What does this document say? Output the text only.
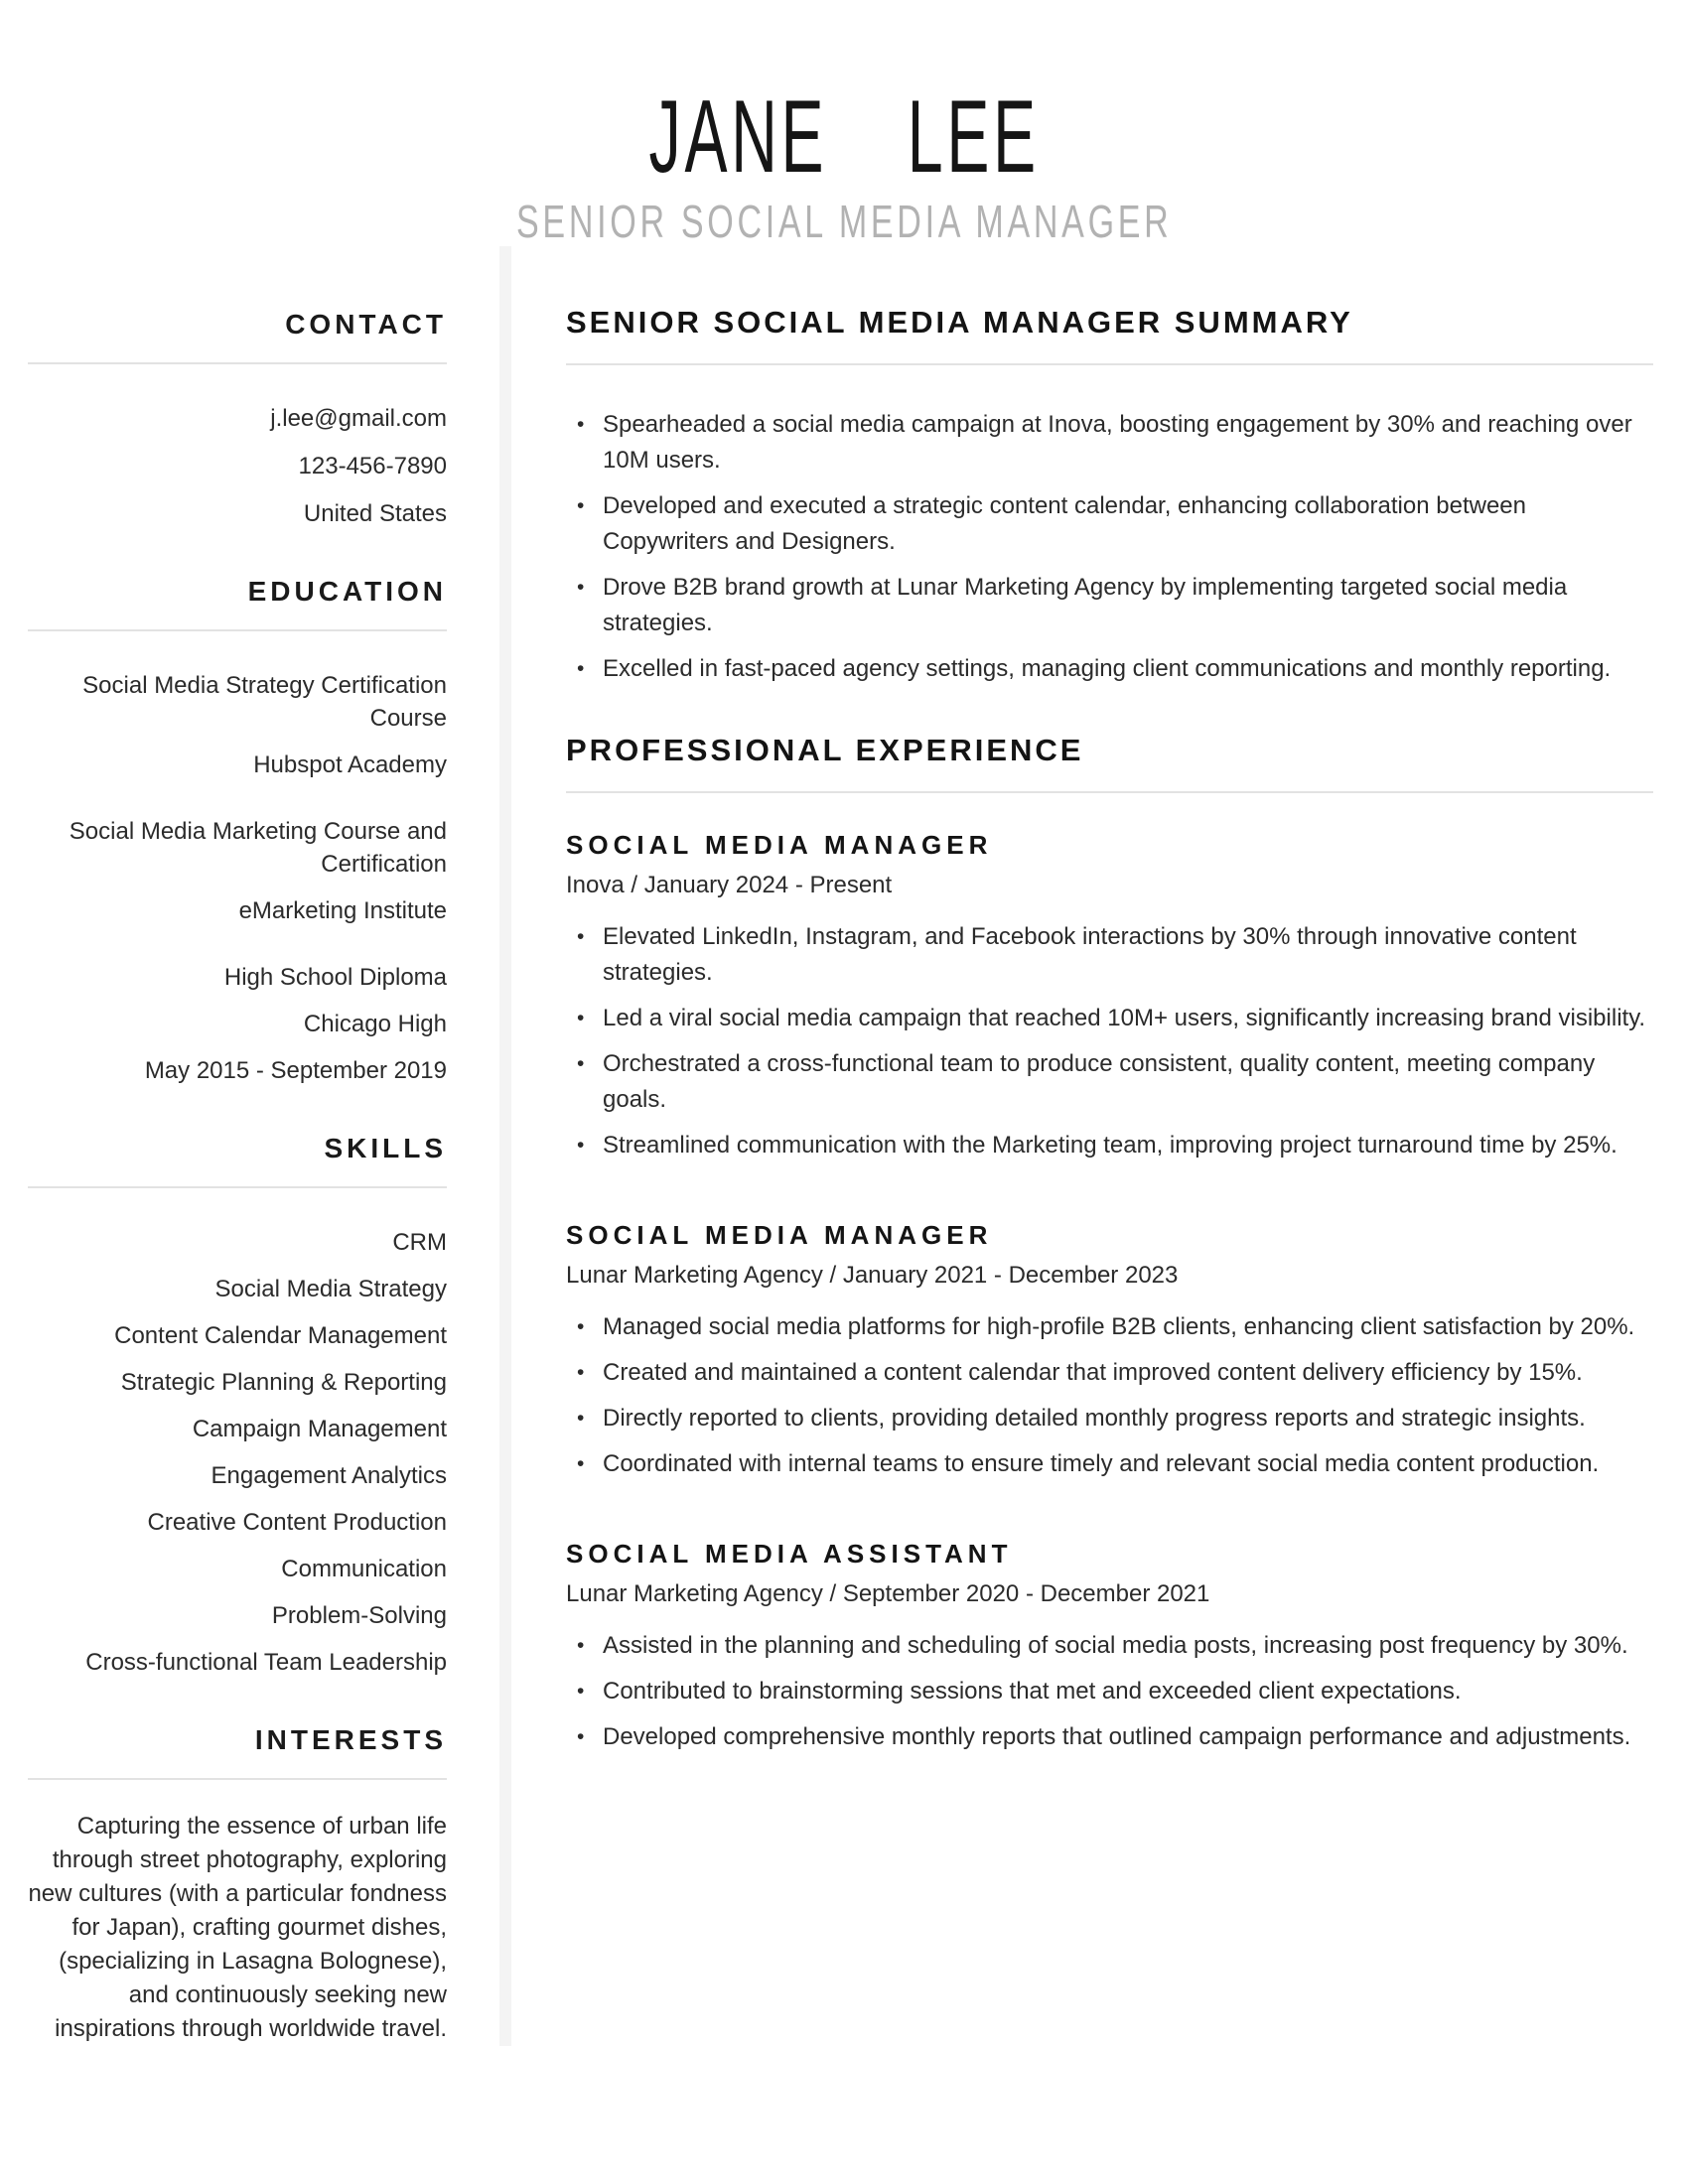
JANE LEE
SENIOR SOCIAL MEDIA MANAGER
CONTACT
j.lee@gmail.com
123-456-7890
United States
EDUCATION
Social Media Strategy Certification Course
Hubspot Academy
Social Media Marketing Course and Certification
eMarketing Institute
High School Diploma
Chicago High
May 2015 - September 2019
SKILLS
CRM
Social Media Strategy
Content Calendar Management
Strategic Planning & Reporting
Campaign Management
Engagement Analytics
Creative Content Production
Communication
Problem-Solving
Cross-functional Team Leadership
INTERESTS
Capturing the essence of urban life through street photography, exploring new cultures (with a particular fondness for Japan), crafting gourmet dishes, (specializing in Lasagna Bolognese), and continuously seeking new inspirations through worldwide travel.
SENIOR SOCIAL MEDIA MANAGER SUMMARY
• Spearheaded a social media campaign at Inova, boosting engagement by 30% and reaching over 10M users.
• Developed and executed a strategic content calendar, enhancing collaboration between Copywriters and Designers.
• Drove B2B brand growth at Lunar Marketing Agency by implementing targeted social media strategies.
• Excelled in fast-paced agency settings, managing client communications and monthly reporting.
PROFESSIONAL EXPERIENCE
SOCIAL MEDIA MANAGER
Inova / January 2024 - Present
• Elevated LinkedIn, Instagram, and Facebook interactions by 30% through innovative content strategies.
• Led a viral social media campaign that reached 10M+ users, significantly increasing brand visibility.
• Orchestrated a cross-functional team to produce consistent, quality content, meeting company goals.
• Streamlined communication with the Marketing team, improving project turnaround time by 25%.
SOCIAL MEDIA MANAGER
Lunar Marketing Agency / January 2021 - December 2023
• Managed social media platforms for high-profile B2B clients, enhancing client satisfaction by 20%.
• Created and maintained a content calendar that improved content delivery efficiency by 15%.
• Directly reported to clients, providing detailed monthly progress reports and strategic insights.
• Coordinated with internal teams to ensure timely and relevant social media content production.
SOCIAL MEDIA ASSISTANT
Lunar Marketing Agency / September 2020 - December 2021
• Assisted in the planning and scheduling of social media posts, increasing post frequency by 30%.
• Contributed to brainstorming sessions that met and exceeded client expectations.
• Developed comprehensive monthly reports that outlined campaign performance and adjustments.
